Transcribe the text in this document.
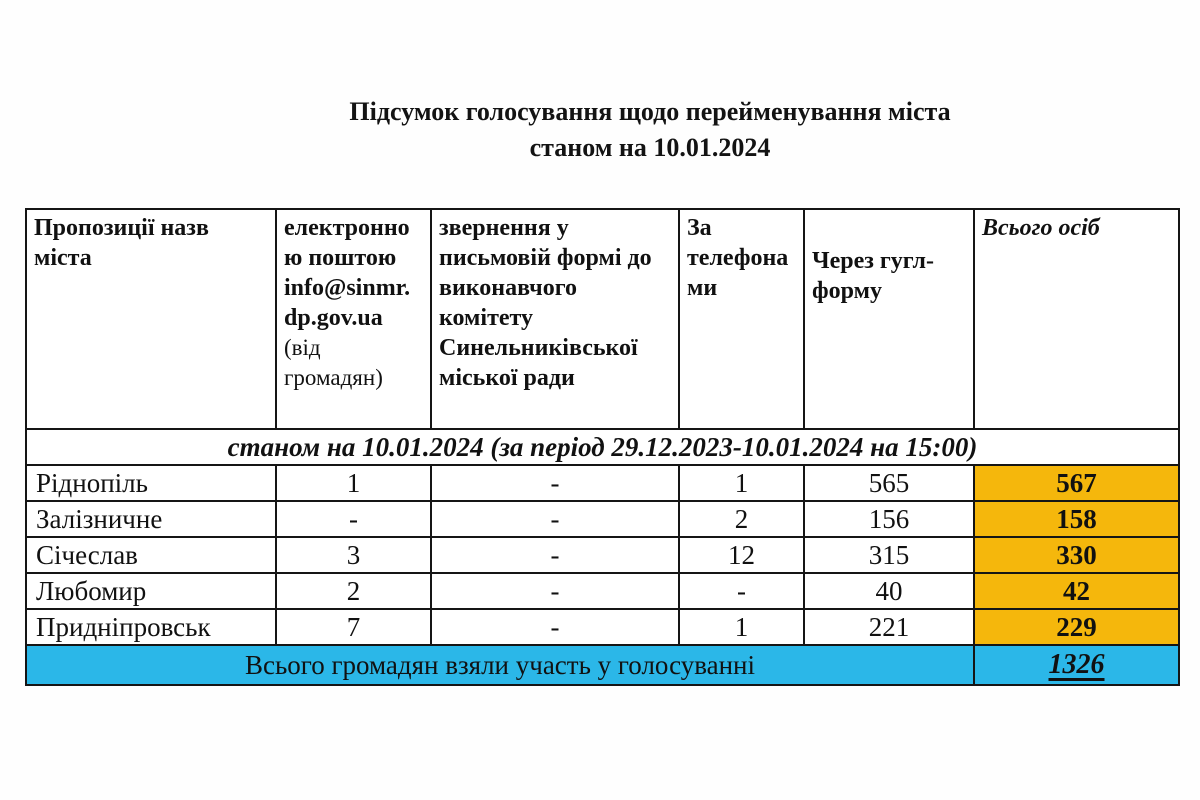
Підсумок голосування щодо перейменування міста
станом на 10.01.2024
Пропозиції назв міста	електронною поштою info@sinmr.dp.gov.ua (від громадян)	звернення у письмовій формі до виконавчого комітету Синельниківської міської ради	За телефонами	Через гугл-форму	Всього осіб
станом на 10.01.2024 (за період 29.12.2023-10.01.2024 на 15:00)					
Ріднопіль	1	-	1	565	567
Залізничне	-	-	2	156	158
Січеслав	3	-	12	315	330
Любомир	2	-	-	40	42
Придніпровськ	7	-	1	221	229
Всього громадян взяли участь у голосуванні					1326
